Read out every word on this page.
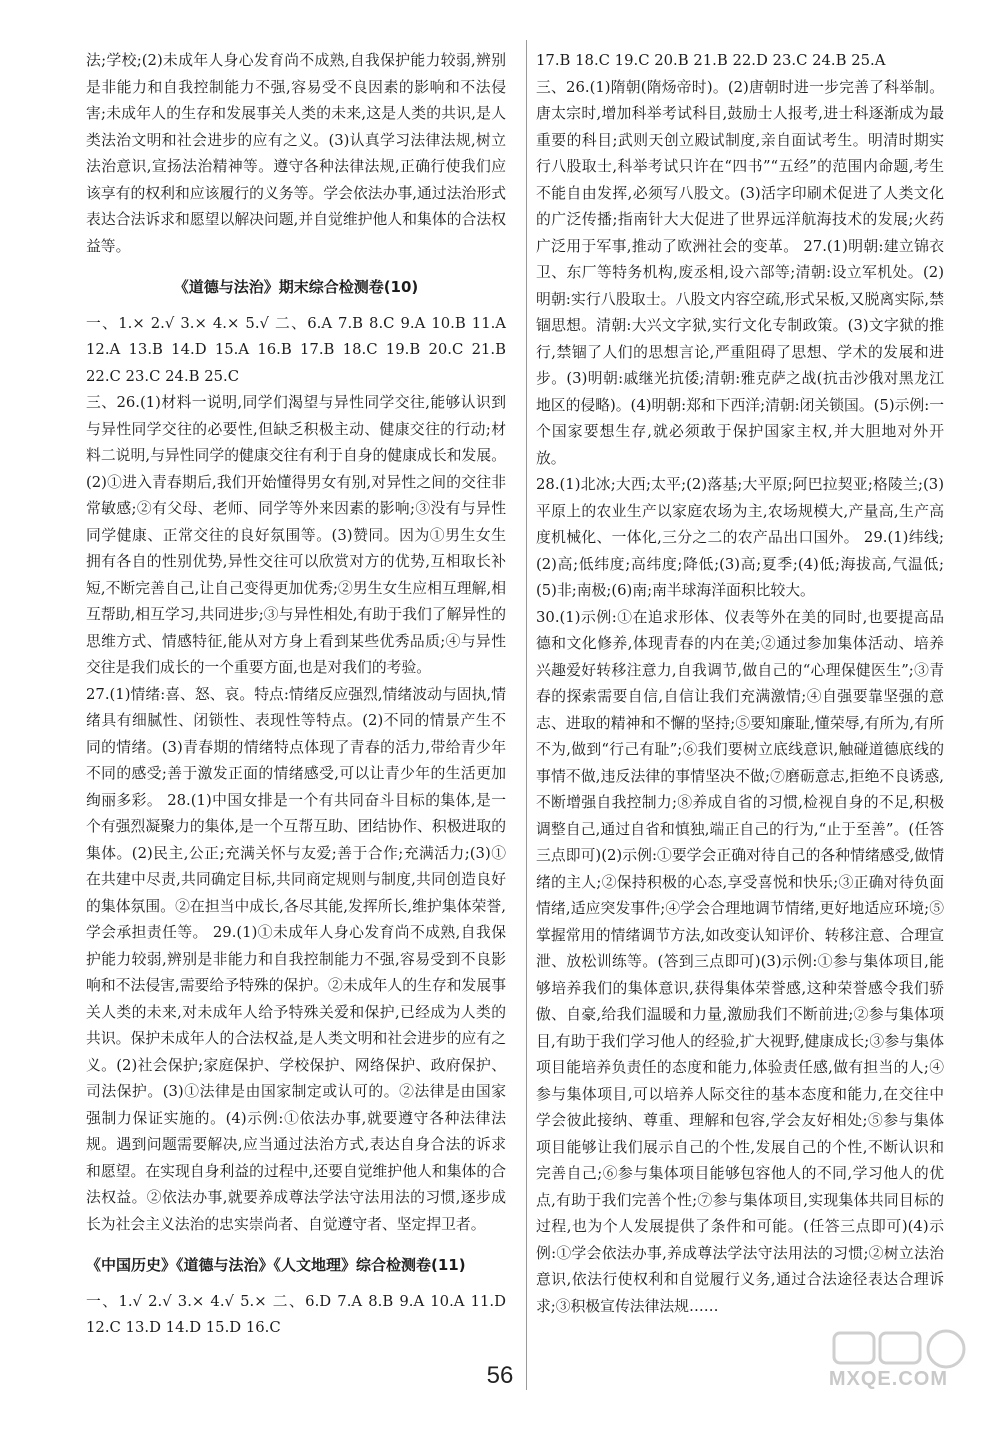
法;学校;(2)未成年人身心发育尚不成熟,自我保护能力较弱,辨别是非能力和自我控制能力不强,容易受不良因素的影响和不法侵害;未成年人的生存和发展事关人类的未来,这是人类的共识,是人类法治文明和社会进步的应有之义。(3)认真学习法律法规,树立法治意识,宣扬法治精神等。遵守各种法律法规,正确行使我们应该享有的权利和应该履行的义务等。学会依法办事,通过法治形式表达合法诉求和愿望以解决问题,并自觉维护他人和集体的合法权益等。

《道德与法治》期末综合检测卷(10)

一、1.× 2.√ 3.× 4.× 5.√ 二、6.A 7.B 8.C 9.A 10.B 11.A 12.A 13.B 14.D 15.A 16.B 17.B 18.C 19.B 20.C 21.B 22.C 23.C 24.B 25.C

三、26.(1)材料一说明,同学们渴望与异性同学交往,能够认识到与异性同学交往的必要性,但缺乏积极主动、健康交往的行动;材料二说明,与异性同学的健康交往有利于自身的健康成长和发展。(2)①进入青春期后,我们开始懂得男女有别,对异性之间的交往非常敏感;②有父母、老师、同学等外来因素的影响;③没有与异性同学健康、正常交往的良好氛围等。(3)赞同。因为①男生女生拥有各自的性别优势,异性交往可以欣赏对方的优势,互相取长补短,不断完善自己,让自己变得更加优秀;②男生女生应相互理解,相互帮助,相互学习,共同进步;③与异性相处,有助于我们了解异性的思维方式、情感特征,能从对方身上看到某些优秀品质;④与异性交往是我们成长的一个重要方面,也是对我们的考验。

27.(1)情绪:喜、怒、哀。特点:情绪反应强烈,情绪波动与固执,情绪具有细腻性、闭锁性、表现性等特点。(2)不同的情景产生不同的情绪。(3)青春期的情绪特点体现了青春的活力,带给青少年不同的感受;善于激发正面的情绪感受,可以让青少年的生活更加绚丽多彩。 28.(1)中国女排是一个有共同奋斗目标的集体,是一个有强烈凝聚力的集体,是一个互帮互助、团结协作、积极进取的集体。(2)民主,公正;充满关怀与友爱;善于合作;充满活力;(3)①在共建中尽责,共同确定目标,共同商定规则与制度,共同创造良好的集体氛围。②在担当中成长,各尽其能,发挥所长,维护集体荣誉,学会承担责任等。 29.(1)①未成年人身心发育尚不成熟,自我保护能力较弱,辨别是非能力和自我控制能力不强,容易受到不良影响和不法侵害,需要给予特殊的保护。②未成年人的生存和发展事关人类的未来,对未成年人给予特殊关爱和保护,已经成为人类的共识。保护未成年人的合法权益,是人类文明和社会进步的应有之义。(2)社会保护;家庭保护、学校保护、网络保护、政府保护、司法保护。(3)①法律是由国家制定或认可的。②法律是由国家强制力保证实施的。(4)示例:①依法办事,就要遵守各种法律法规。遇到问题需要解决,应当通过法治方式,表达自身合法的诉求和愿望。在实现自身利益的过程中,还要自觉维护他人和集体的合法权益。②依法办事,就要养成尊法学法守法用法的习惯,逐步成长为社会主义法治的忠实崇尚者、自觉遵守者、坚定捍卫者。

《中国历史》《道德与法治》《人文地理》综合检测卷(11)

一、1.√ 2.√ 3.× 4.√ 5.× 二、6.D 7.A 8.B 9.A 10.A 11.D 12.C 13.D 14.D 15.D 16.C

17.B 18.C 19.C 20.B 21.B 22.D 23.C 24.B 25.A

三、26.(1)隋朝(隋炀帝时)。(2)唐朝时进一步完善了科举制。唐太宗时,增加科举考试科目,鼓励士人报考,进士科逐渐成为最重要的科目;武则天创立殿试制度,亲自面试考生。明清时期实行八股取士,科举考试只许在“四书”“五经”的范围内命题,考生不能自由发挥,必须写八股文。(3)活字印刷术促进了人类文化的广泛传播;指南针大大促进了世界远洋航海技术的发展;火药广泛用于军事,推动了欧洲社会的变革。 27.(1)明朝:建立锦衣卫、东厂等特务机构,废丞相,设六部等;清朝:设立军机处。(2)明朝:实行八股取士。八股文内容空疏,形式呆板,又脱离实际,禁锢思想。清朝:大兴文字狱,实行文化专制政策。(3)文字狱的推行,禁锢了人们的思想言论,严重阻碍了思想、学术的发展和进步。(3)明朝:戚继光抗倭;清朝:雅克萨之战(抗击沙俄对黑龙江地区的侵略)。(4)明朝:郑和下西洋;清朝:闭关锁国。(5)示例:一个国家要想生存,就必须敢于保护国家主权,并大胆地对外开放。

28.(1)北冰;大西;太平;(2)落基;大平原;阿巴拉契亚;格陵兰;(3)平原上的农业生产以家庭农场为主,农场规模大,产量高,生产高度机械化、一体化,三分之二的农产品出口国外。 29.(1)纬线;(2)高;低纬度;高纬度;降低;(3)高;夏季;(4)低;海拔高,气温低;(5)非;南极;(6)南;南半球海洋面积比较大。

30.(1)示例:①在追求形体、仪表等外在美的同时,也要提高品德和文化修养,体现青春的内在美;②通过参加集体活动、培养兴趣爱好转移注意力,自我调节,做自己的“心理保健医生”;③青春的探索需要自信,自信让我们充满激情;④自强要靠坚强的意志、进取的精神和不懈的坚持;⑤要知廉耻,懂荣辱,有所为,有所不为,做到“行己有耻”;⑥我们要树立底线意识,触碰道德底线的事情不做,违反法律的事情坚决不做;⑦磨砺意志,拒绝不良诱惑,不断增强自我控制力;⑧养成自省的习惯,检视自身的不足,积极调整自己,通过自省和慎独,端正自己的行为,“止于至善”。(任答三点即可)(2)示例:①要学会正确对待自己的各种情绪感受,做情绪的主人;②保持积极的心态,享受喜悦和快乐;③正确对待负面情绪,适应突发事件;④学会合理地调节情绪,更好地适应环境;⑤掌握常用的情绪调节方法,如改变认知评价、转移注意、合理宣泄、放松训练等。(答到三点即可)(3)示例:①参与集体项目,能够培养我们的集体意识,获得集体荣誉感,这种荣誉感令我们骄傲、自豪,给我们温暖和力量,激励我们不断前进;②参与集体项目,有助于我们学习他人的经验,扩大视野,健康成长;③参与集体项目能培养负责任的态度和能力,体验责任感,做有担当的人;④参与集体项目,可以培养人际交往的基本态度和能力,在交往中学会彼此接纳、尊重、理解和包容,学会友好相处;⑤参与集体项目能够让我们展示自己的个性,发展自己的个性,不断认识和完善自己;⑥参与集体项目能够包容他人的不同,学习他人的优点,有助于我们完善个性;⑦参与集体项目,实现集体共同目标的过程,也为个人发展提供了条件和可能。(任答三点即可)(4)示例:①学会依法办事,养成尊法学法守法用法的习惯;②树立法治意识,依法行使权利和自觉履行义务,通过合法途径表达合理诉求;③积极宣传法律法规……

56	MXQE.COM
